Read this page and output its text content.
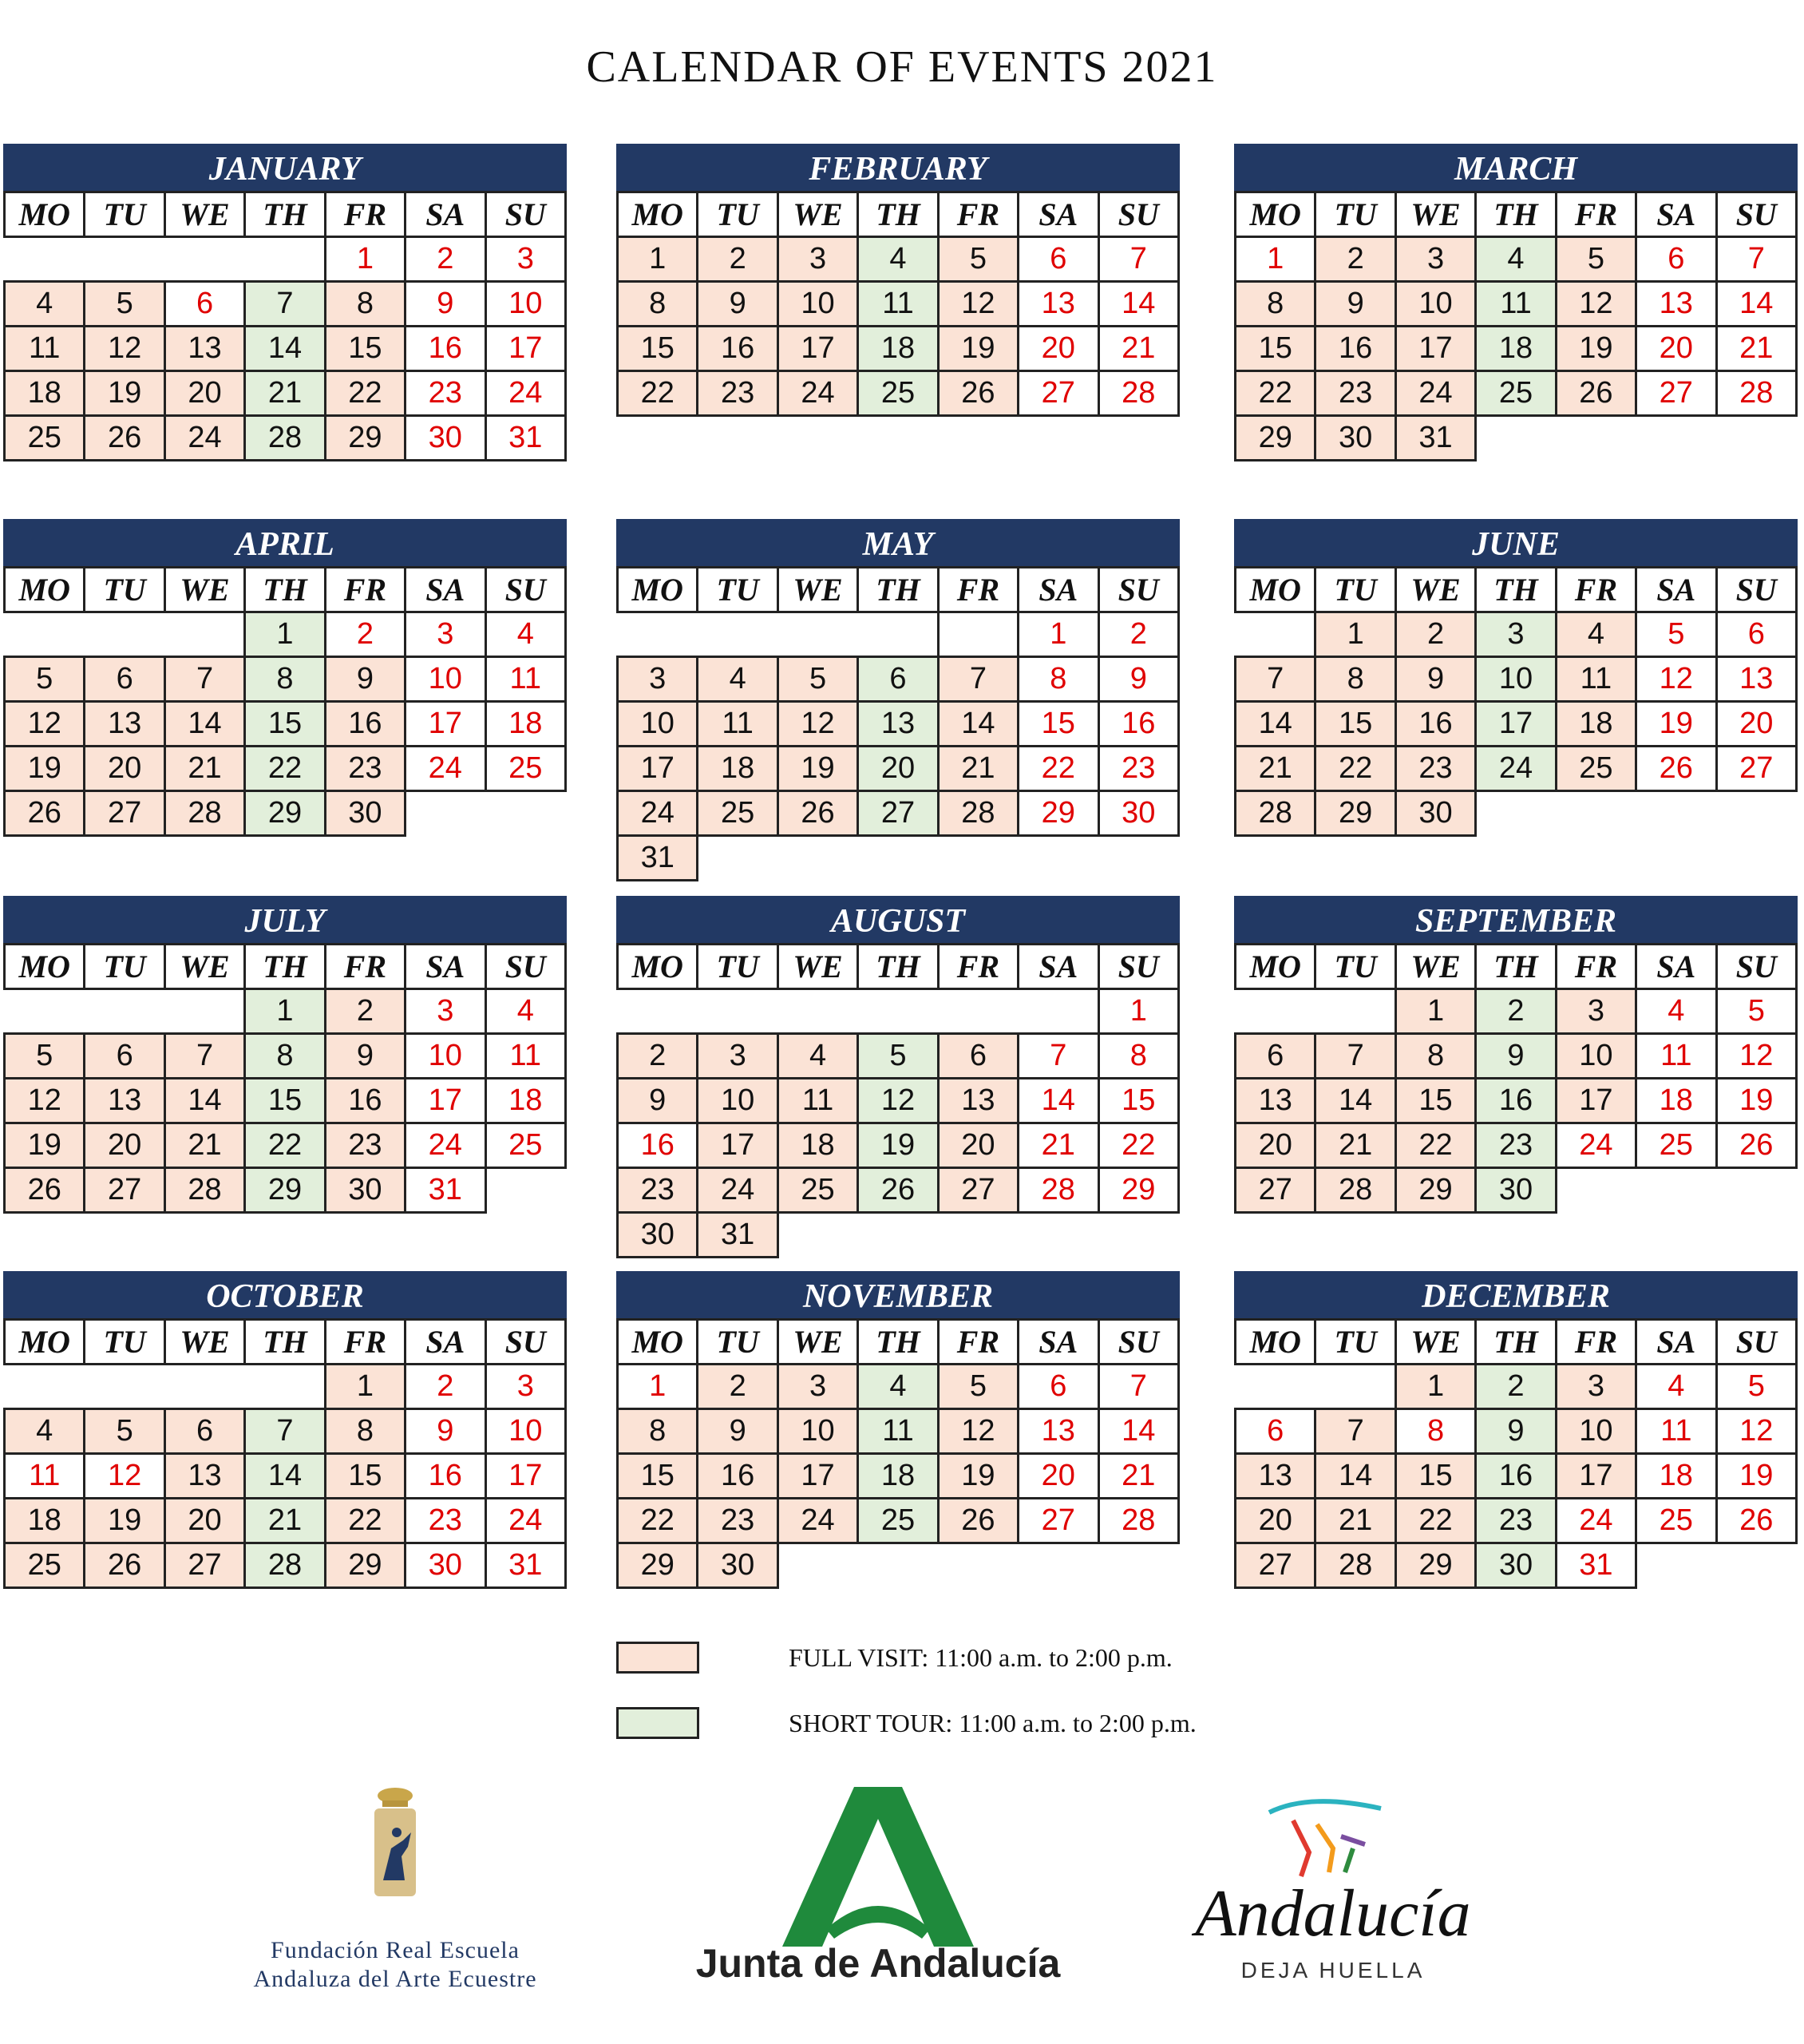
CALENDAR OF EVENTS 2021
JANUARY
MO	TU	WE	TH	FR	SA	SU
				1	2	3
4	5	6	7	8	9	10
11	12	13	14	15	16	17
18	19	20	21	22	23	24
25	26	24	28	29	30	31
FEBRUARY
MO	TU	WE	TH	FR	SA	SU
1	2	3	4	5	6	7
8	9	10	11	12	13	14
15	16	17	18	19	20	21
22	23	24	25	26	27	28
MARCH
MO	TU	WE	TH	FR	SA	SU
1	2	3	4	5	6	7
8	9	10	11	12	13	14
15	16	17	18	19	20	21
22	23	24	25	26	27	28
29	30	31				
APRIL
MO	TU	WE	TH	FR	SA	SU
			1	2	3	4
5	6	7	8	9	10	11
12	13	14	15	16	17	18
19	20	21	22	23	24	25
26	27	28	29	30		
MAY
MO	TU	WE	TH	FR	SA	SU
					1	2
3	4	5	6	7	8	9
10	11	12	13	14	15	16
17	18	19	20	21	22	23
24	25	26	27	28	29	30
31						
JUNE
MO	TU	WE	TH	FR	SA	SU
	1	2	3	4	5	6
7	8	9	10	11	12	13
14	15	16	17	18	19	20
21	22	23	24	25	26	27
28	29	30				
JULY
MO	TU	WE	TH	FR	SA	SU
			1	2	3	4
5	6	7	8	9	10	11
12	13	14	15	16	17	18
19	20	21	22	23	24	25
26	27	28	29	30	31	
AUGUST
MO	TU	WE	TH	FR	SA	SU
						1
2	3	4	5	6	7	8
9	10	11	12	13	14	15
16	17	18	19	20	21	22
23	24	25	26	27	28	29
30	31					
SEPTEMBER
MO	TU	WE	TH	FR	SA	SU
		1	2	3	4	5
6	7	8	9	10	11	12
13	14	15	16	17	18	19
20	21	22	23	24	25	26
27	28	29	30			
OCTOBER
MO	TU	WE	TH	FR	SA	SU
				1	2	3
4	5	6	7	8	9	10
11	12	13	14	15	16	17
18	19	20	21	22	23	24
25	26	27	28	29	30	31
NOVEMBER
MO	TU	WE	TH	FR	SA	SU
1	2	3	4	5	6	7
8	9	10	11	12	13	14
15	16	17	18	19	20	21
22	23	24	25	26	27	28
29	30					
DECEMBER
MO	TU	WE	TH	FR	SA	SU
		1	2	3	4	5
6	7	8	9	10	11	12
13	14	15	16	17	18	19
20	21	22	23	24	25	26
27	28	29	30	31		
FULL VISIT: 11:00 a.m. to 2:00 p.m.
SHORT TOUR: 11:00 a.m. to 2:00 p.m.
Fundación Real Escuela
Andaluza del Arte Ecuestre	Junta de Andalucía
Andalucía
DEJA HUELLA
